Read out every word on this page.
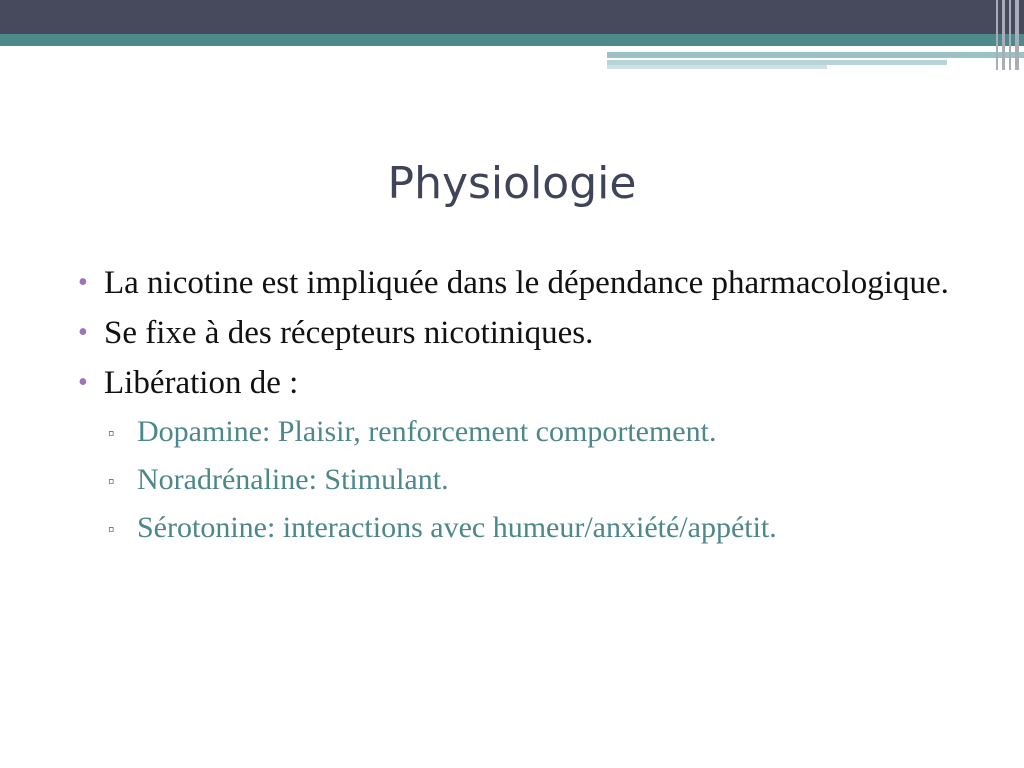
Physiologie
• La nicotine est impliquée dans le dépendance pharmacologique.
• Se fixe à des récepteurs nicotiniques.
• Libération de :
▫ Dopamine: Plaisir, renforcement comportement.
▫ Noradrénaline: Stimulant.
▫ Sérotonine: interactions avec humeur/anxiété/appétit.
